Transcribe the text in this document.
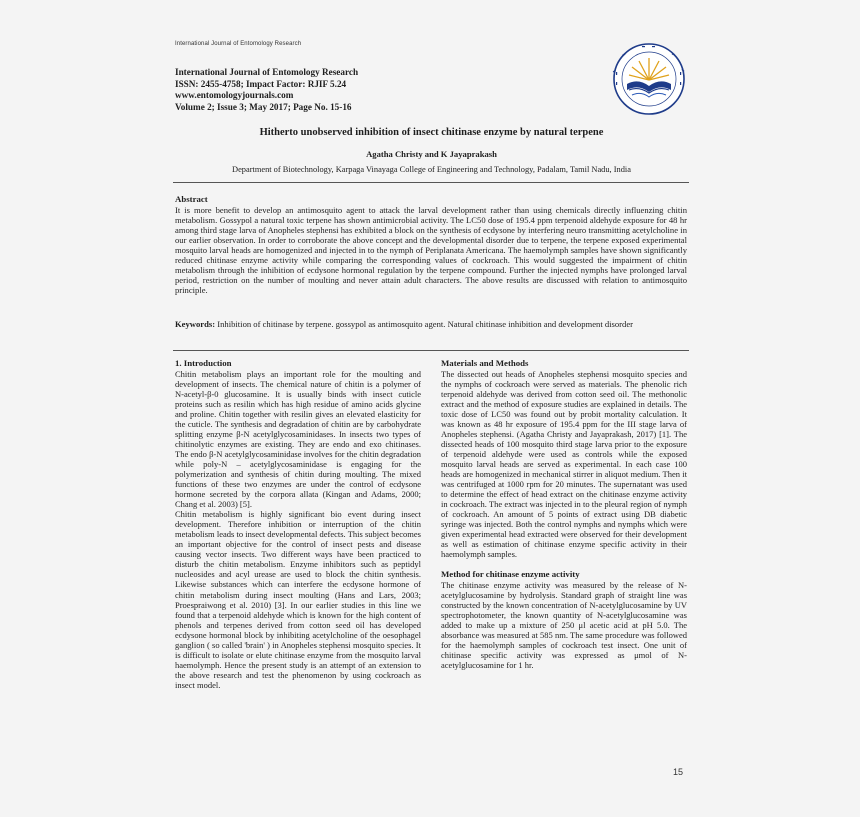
International Journal of Entomology Research
International Journal of Entomology Research
ISSN: 2455-4758; Impact Factor: RJIF 5.24
www.entomologyjournals.com
Volume 2; Issue 3; May 2017; Page No. 15-16
Hitherto unobserved inhibition of insect chitinase enzyme by natural terpene
Agatha Christy and K Jayaprakash
Department of Biotechnology, Karpaga Vinayaga College of Engineering and Technology, Padalam, Tamil Nadu, India
Abstract

It is more benefit to develop an antimosquito agent to attack the larval development rather than using chemicals directly influenzing chitin metabolism. Gossypol a natural toxic terpene has shown antimicrobial activity. The LC50 dose of 195.4 ppm terpenoid aldehyde exposure for 48 hr among third stage larva of Anopheles stephensi has exhibited a block on the synthesis of ecdysone by interfering neuro transmitting acetylcholine in our earlier observation. In order to corroborate the above concept and the developmental disorder due to terpene, the terpene exposed experimental mosquito larval heads are homogenized and injected in to the nymph of Periplanata Americana. The haemolymph samples have shown significantly reduced chitinase enzyme activity while comparing the corresponding values of cockroach. This would suggested the impairment of chitin metabolism through the inhibition of ecdysone hormonal regulation by the terpene compound. Further the injected nymphs have prolonged larval period, restriction on the number of moulting and never attain adult characters. The above results are discussed with relation to antimosquito principle.

Keywords: Inhibition of chitinase by terpene. gossypol as antimosquito agent. Natural chitinase inhibition and development disorder
1. Introduction

Chitin metabolism plays an important role for the moulting and development of insects. The chemical nature of chitin is a polymer of N-acetyl-β-0 glucosamine. It is usually binds with insect cuticle proteins such as resilin which has high residue of amino acids glycine and proline. Chitin together with resilin gives an elevated elasticity for the cuticle. The synthesis and degradation of chitin are by carbohydrate splitting enzyme β-N acetylglycosaminidases. In insects two types of chitinolytic enzymes are existing. They are endo and exo chitinases. The endo β-N acetylglycosaminidase involves for the chitin degradation while poly-N – acetylglycosaminidase is engaging for the polymerization and synthesis of chitin during moulting. The mixed functions of these two enzymes are under the control of ecdysone hormone secreted by the corpora allata (Kingan and Adams, 2000; Chang et al. 2003) [5].

Chitin metabolism is highly significant bio event during insect development. Therefore inhibition or interruption of the chitin metabolism leads to insect developmental defects. This subject becomes an important objective for the control of insect pests and disease causing vector insects. Two different ways have been practiced to disturb the chitin metabolism. Enzyme inhibitors such as peptidyl nucleosides and acyl urease are used to block the chitin synthesis. Likewise substances which can interfere the ecdysone hormone of chitin metabolism during insect moulting (Hans and Lars, 2003; Proespraiwong et al. 2010) [3]. In our earlier studies in this line we found that a terpenoid aldehyde which is known for the high content of phenols and terpenes derived from cotton seed oil has developed ecdysone hormonal block by inhibiting acetylcholine of the oesophagel ganglion ( so called 'brain' ) in Anopheles stephensi mosquito species. It is difficult to isolate or elute chitinase enzyme from the mosquito larval haemolymph. Hence the present study is an attempt of an extension to the above research and test the phenomenon by using cockroach as insect model.

Materials and Methods

The dissected out heads of Anopheles stephensi mosquito species and the nymphs of cockroach were served as materials. The phenolic rich terpenoid aldehyde was derived from cotton seed oil. The methonolic extract and the method of exposure studies are explained in details. The toxic dose of LC50 was found out by probit mortality calculation. It was known as 48 hr exposure of 195.4 ppm for the III stage larva of Anopheles stephensi. (Agatha Christy and Jayaprakash, 2017) [1]. The dissected heads of 100 mosquito third stage larva prior to the exposure of terpenoid aldehyde were used as controls while the exposed mosquito larval heads are served as experimental. In each case 100 heads are homogenized in mechanical stirrer in aliquot medium. Then it was centrifuged at 1000 rpm for 20 minutes. The supernatant was used to determine the effect of head extract on the chitinase enzyme activity in cockroach. The extract was injected in to the pleural region of nymph of cockroach. An amount of 5 points of extract using DB diabetic syringe was injected. Both the control nymphs and nymphs which were given experimental head extracted were observed for their development as well as estimation of chitinase enzyme specific activity in their haemolymph samples.

Method for chitinase enzyme activity

The chitinase enzyme activity was measured by the release of N-acetylglucosamine by hydrolysis. Standard graph of straight line was constructed by the known concentration of N-acetylglucosamine by UV spectrophotometer, the known quantity of N-acetylglucosamine was added to make up a mixture of 250 μl acetic acid at pH 5.0. The absorbance was measured at 585 nm. The same procedure was followed for the haemolymph samples of cockroach test insect. One unit of chitinase specific activity was expressed as μmol of N-acetylglucosamine for 1 hr.

15
